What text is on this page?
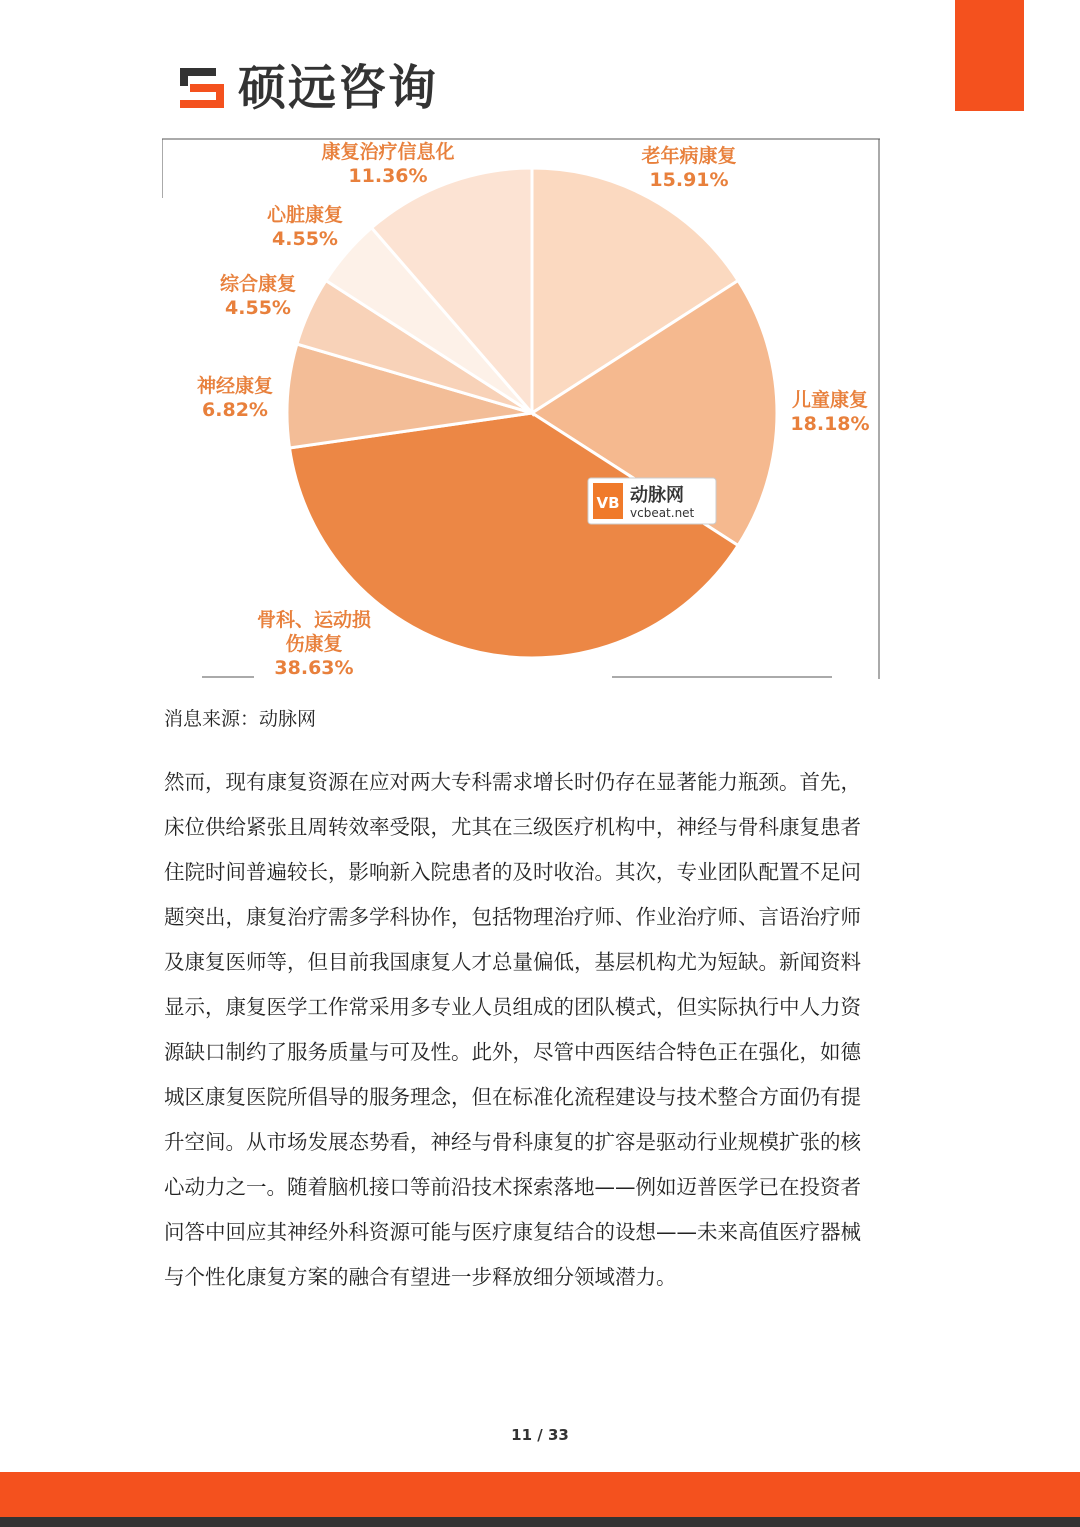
硕远咨询
VB 动脉网
vcbeat.net
老年病康复 15.91%
儿童康复 18.18%
骨科、运动损伤康复 38.63%
神经康复 6.82%
综合康复 4.55%
心脏康复 4.55%
康复治疗信息化 11.36%
消息来源：动脉网
然而，现有康复资源在应对两大专科需求增长时仍存在显著能力瓶颈。首先，
床位供给紧张且周转效率受限，尤其在三级医疗机构中，神经与骨科康复患者
住院时间普遍较长，影响新入院患者的及时收治。其次，专业团队配置不足问
题突出，康复治疗需多学科协作，包括物理治疗师、作业治疗师、言语治疗师
及康复医师等，但目前我国康复人才总量偏低，基层机构尤为短缺。新闻资料
显示，康复医学工作常采用多专业人员组成的团队模式，但实际执行中人力资
源缺口制约了服务质量与可及性。此外，尽管中西医结合特色正在强化，如德
城区康复医院所倡导的服务理念，但在标准化流程建设与技术整合方面仍有提
升空间。从市场发展态势看，神经与骨科康复的扩容是驱动行业规模扩张的核
心动力之一。随着脑机接口等前沿技术探索落地——例如迈普医学已在投资者
问答中回应其神经外科资源可能与医疗康复结合的设想——未来高值医疗器械
与个性化康复方案的融合有望进一步释放细分领域潜力。
11 / 33
